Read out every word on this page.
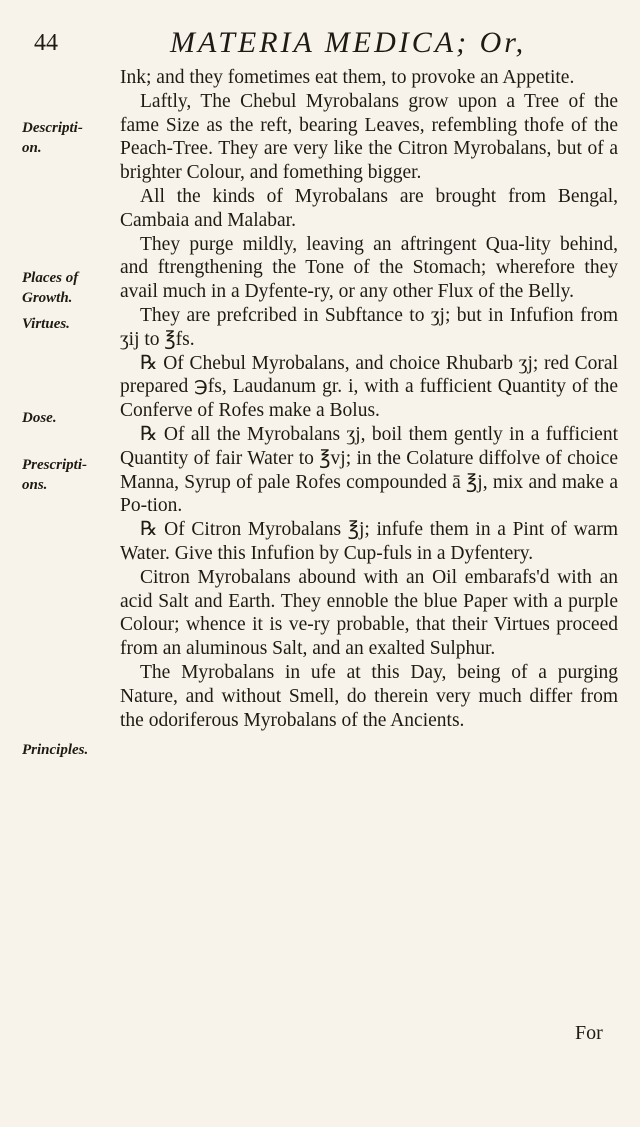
44	MATERIA MEDICA; Or,
Descripti-
on.
Places of
Growth.
Virtues.
Dose.
Prescripti-
ons.
Principles.

Ink; and they fometimes eat them, to provoke an Appetite.

Laftly, The Chebul Myrobalans grow upon a Tree of the fame Size as the reft, bearing Leaves, refembling thofe of the Peach-Tree. They are very like the Citron Myrobalans, but of a brighter Colour, and fomething bigger.

All the kinds of Myrobalans are brought from Bengal, Cambaia and Malabar.

They purge mildly, leaving an aftringent Qua-lity behind, and ftrengthening the Tone of the Stomach; wherefore they avail much in a Dyfente-ry, or any other Flux of the Belly.

They are prefcribed in Subftance to ʒj; but in Infufion from ʒij to ℥fs.

℞ Of Chebul Myrobalans, and choice Rhubarb ʒj; red Coral prepared ℈fs, Laudanum gr. i, with a fufficient Quantity of the Conferve of Rofes make a Bolus.

℞ Of all the Myrobalans ʒj, boil them gently in a fufficient Quantity of fair Water to ℥vj; in the Colature diffolve of choice Manna, Syrup of pale Rofes compounded ā ℥j, mix and make a Po-tion.

℞ Of Citron Myrobalans ℥j; infufe them in a Pint of warm Water. Give this Infufion by Cup-fuls in a Dyfentery.

Citron Myrobalans abound with an Oil embarafs'd with an acid Salt and Earth. They ennoble the blue Paper with a purple Colour; whence it is ve-ry probable, that their Virtues proceed from an aluminous Salt, and an exalted Sulphur.

The Myrobalans in ufe at this Day, being of a purging Nature, and without Smell, do therein very much differ from the odoriferous Myrobalans of the Ancients.

For
